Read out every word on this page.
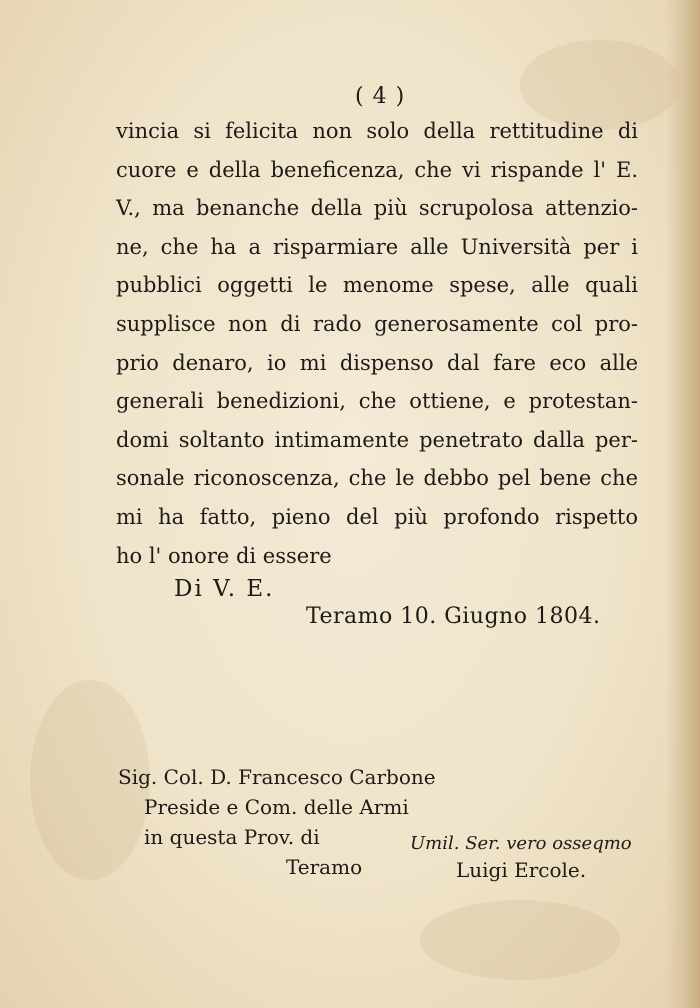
( 4 )
vincia si felicita non solo della rettitudine di
cuore e della beneficenza, che vi rispande l' E.
V., ma benanche della più scrupolosa attenzio-
ne, che ha a risparmiare alle Università per i
pubblici oggetti le menome spese, alle quali
supplisce non di rado generosamente col pro-
prio denaro, io mi dispenso dal fare eco alle
generali benedizioni, che ottiene, e protestan-
domi soltanto intimamente penetrato dalla per-
sonale riconoscenza, che le debbo pel bene che
mi ha fatto, pieno del più profondo rispetto
ho l' onore di essere
Di V. E.
Teramo 10. Giugno 1804.
Sig. Col. D. Francesco Carbone
Preside e Com. delle Armi
in questa Prov. di
Teramo
Umil. Ser. vero osseqmo
Luigi Ercole.
